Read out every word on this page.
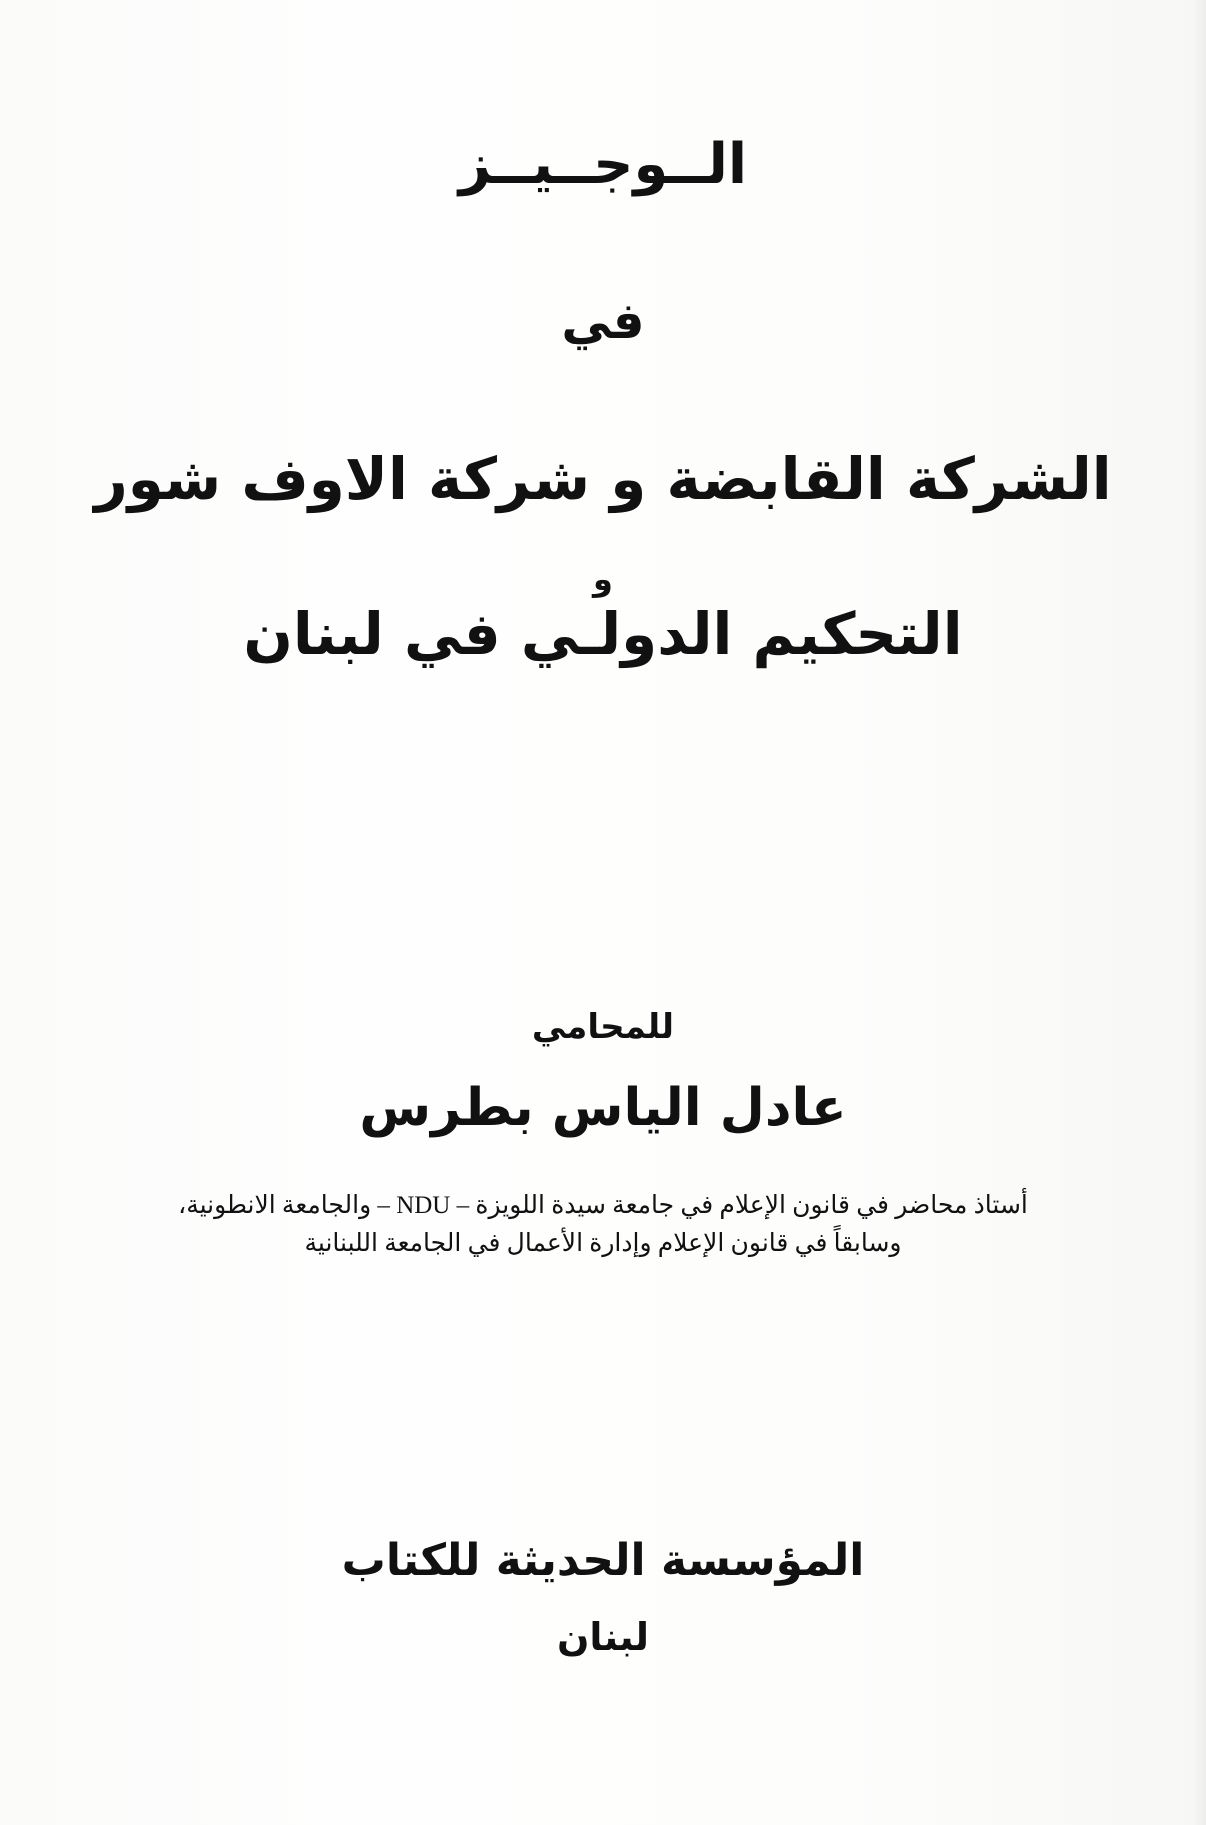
الــوجــيــز
في
الشركة القابضة و شركة الاوف شور
و
التحكيم الدولـي في لبنان
للمحامي
عادل الياس بطرس
أستاذ محاضر في قانون الإعلام في جامعة سيدة اللويزة – NDU – والجامعة الانطونية،
وسابقاً في قانون الإعلام وإدارة الأعمال في الجامعة اللبنانية
المؤسسة الحديثة للكتاب
لبنان
